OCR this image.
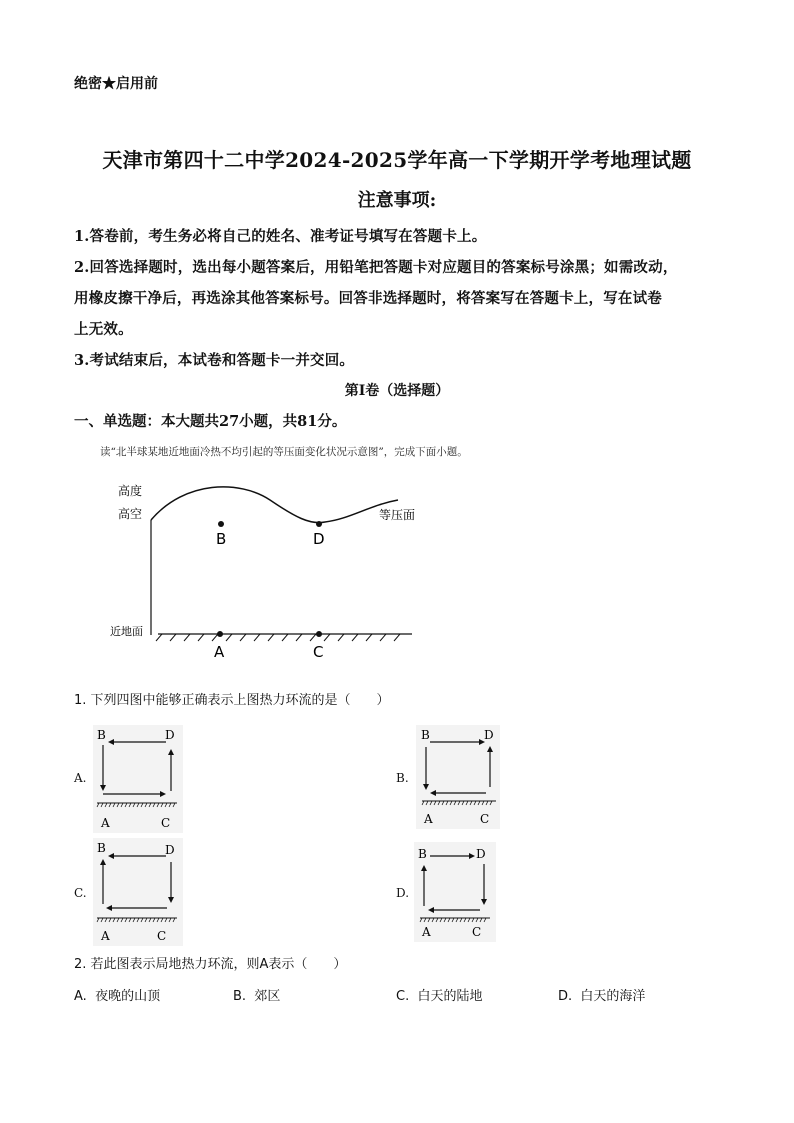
绝密★启用前
天津市第四十二中学2024-2025学年高一下学期开学考地理试题
注意事项:
1.答卷前，考生务必将自己的姓名、准考证号填写在答题卡上。
2.回答选择题时，选出每小题答案后，用铅笔把答题卡对应题目的答案标号涂黑；如需改动，
用橡皮擦干净后，再选涂其他答案标号。回答非选择题时，将答案写在答题卡上，写在试卷
上无效。
3.考试结束后，本试卷和答题卡一并交回。
第I卷（选择题）
一、单选题：本大题共27小题，共81分。
读“北半球某地近地面冷热不均引起的等压面变化状况示意图”，完成下面小题。
高度
高空
近地面
等压面
B	D
A	C
1. 下列四图中能够正确表示上图热力环流的是（　　）
A.
B	D
A	C
B.
B	D
A	C
C.
B	D
A	C
D.
B	D
A	C
2. 若此图表示局地热力环流，则A表示（　　）
A. 夜晚的山顶	B. 郊区	C. 白天的陆地	D. 白天的海洋
